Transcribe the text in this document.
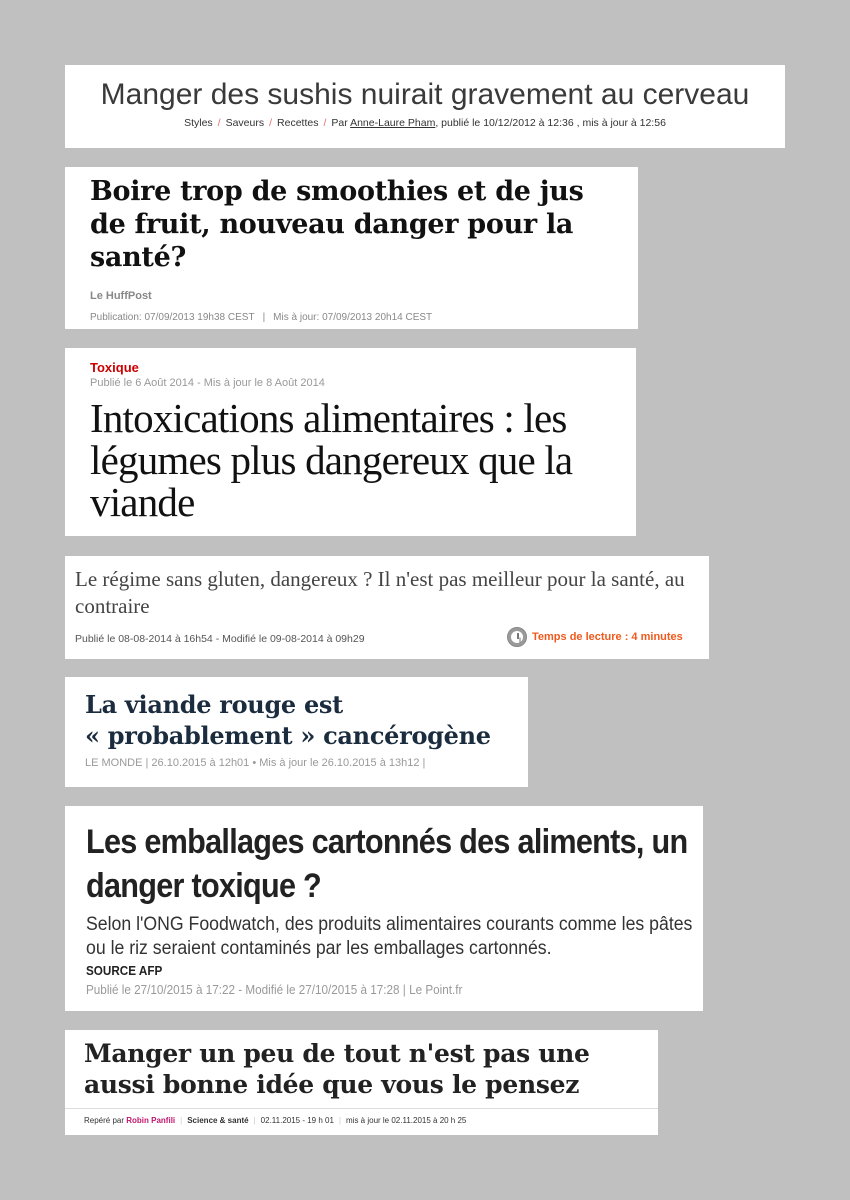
Manger des sushis nuirait gravement au cerveau
Styles / Saveurs / Recettes / Par Anne-Laure Pham, publié le 10/12/2012 à 12:36 , mis à jour à 12:56
Boire trop de smoothies et de jus de fruit, nouveau danger pour la santé?
Le HuffPost
Publication: 07/09/2013 19h38 CEST | Mis à jour: 07/09/2013 20h14 CEST
Toxique
Publié le 6 Août 2014 - Mis à jour le 8 Août 2014
Intoxications alimentaires : les légumes plus dangereux que la viande
Le régime sans gluten, dangereux ? Il n'est pas meilleur pour la santé, au contraire
Publié le 08-08-2014 à 16h54 - Modifié le 09-08-2014 à 09h29	Temps de lecture : 4 minutes
La viande rouge est
« probablement » cancérogène
LE MONDE | 26.10.2015 à 12h01 • Mis à jour le 26.10.2015 à 13h12 |
Les emballages cartonnés des aliments, un danger toxique ?
Selon l'ONG Foodwatch, des produits alimentaires courants comme les pâtes ou le riz seraient contaminés par les emballages cartonnés.
SOURCE AFP
Publié le 27/10/2015 à 17:22 - Modifié le 27/10/2015 à 17:28 | Le Point.fr
Manger un peu de tout n'est pas une
aussi bonne idée que vous le pensez
Repéré par Robin Panfili | Science & santé | 02.11.2015 - 19 h 01 | mis à jour le 02.11.2015 à 20 h 25
